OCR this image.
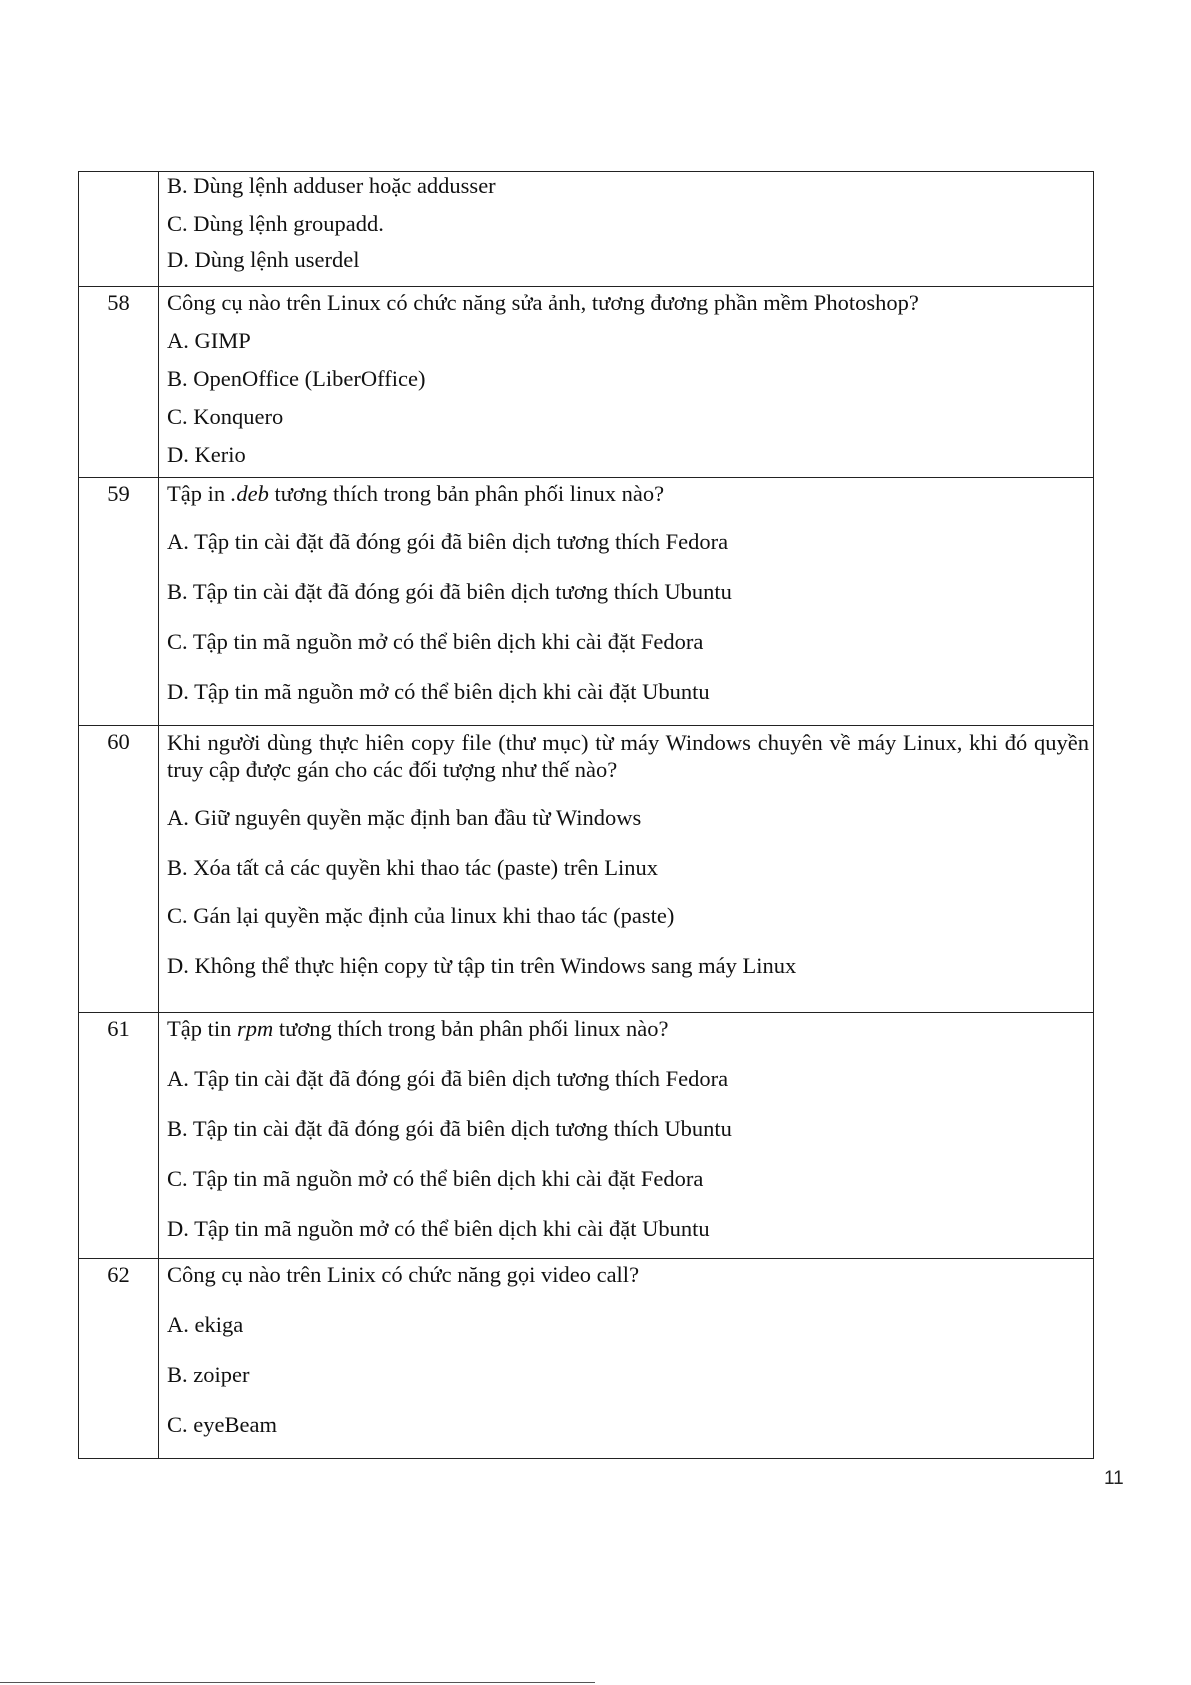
	B. Dùng lệnh adduser hoặc addusser
C. Dùng lệnh groupadd.
D. Dùng lệnh userdel

58	Công cụ nào trên Linux có chức năng sửa ảnh, tương đương phần mềm Photoshop?
A. GIMP
B. OpenOffice (LiberOffice)
C. Konquero
D. Kerio

59	Tập in .deb tương thích trong bản phân phối linux nào?
A. Tập tin cài đặt đã đóng gói đã biên dịch tương thích Fedora
B. Tập tin cài đặt đã đóng gói đã biên dịch tương thích Ubuntu
C. Tập tin mã nguồn mở có thể biên dịch khi cài đặt Fedora
D. Tập tin mã nguồn mở có thể biên dịch khi cài đặt Ubuntu

60	Khi người dùng thực hiên copy file (thư mục) từ máy Windows chuyên về máy Linux, khi đó quyền truy cập được gán cho các đối tượng như thế nào?
A. Giữ nguyên quyền mặc định ban đầu từ Windows
B. Xóa tất cả các quyền khi thao tác (paste) trên Linux
C. Gán lại quyền mặc định của linux khi thao tác (paste)
D. Không thể thực hiện copy từ tập tin trên Windows sang máy Linux

61	Tập tin rpm tương thích trong bản phân phối linux nào?
A. Tập tin cài đặt đã đóng gói đã biên dịch tương thích Fedora
B. Tập tin cài đặt đã đóng gói đã biên dịch tương thích Ubuntu
C. Tập tin mã nguồn mở có thể biên dịch khi cài đặt Fedora
D. Tập tin mã nguồn mở có thể biên dịch khi cài đặt Ubuntu

62	Công cụ nào trên Linix có chức năng gọi video call?
A. ekiga
B. zoiper
C. eyeBeam
11
